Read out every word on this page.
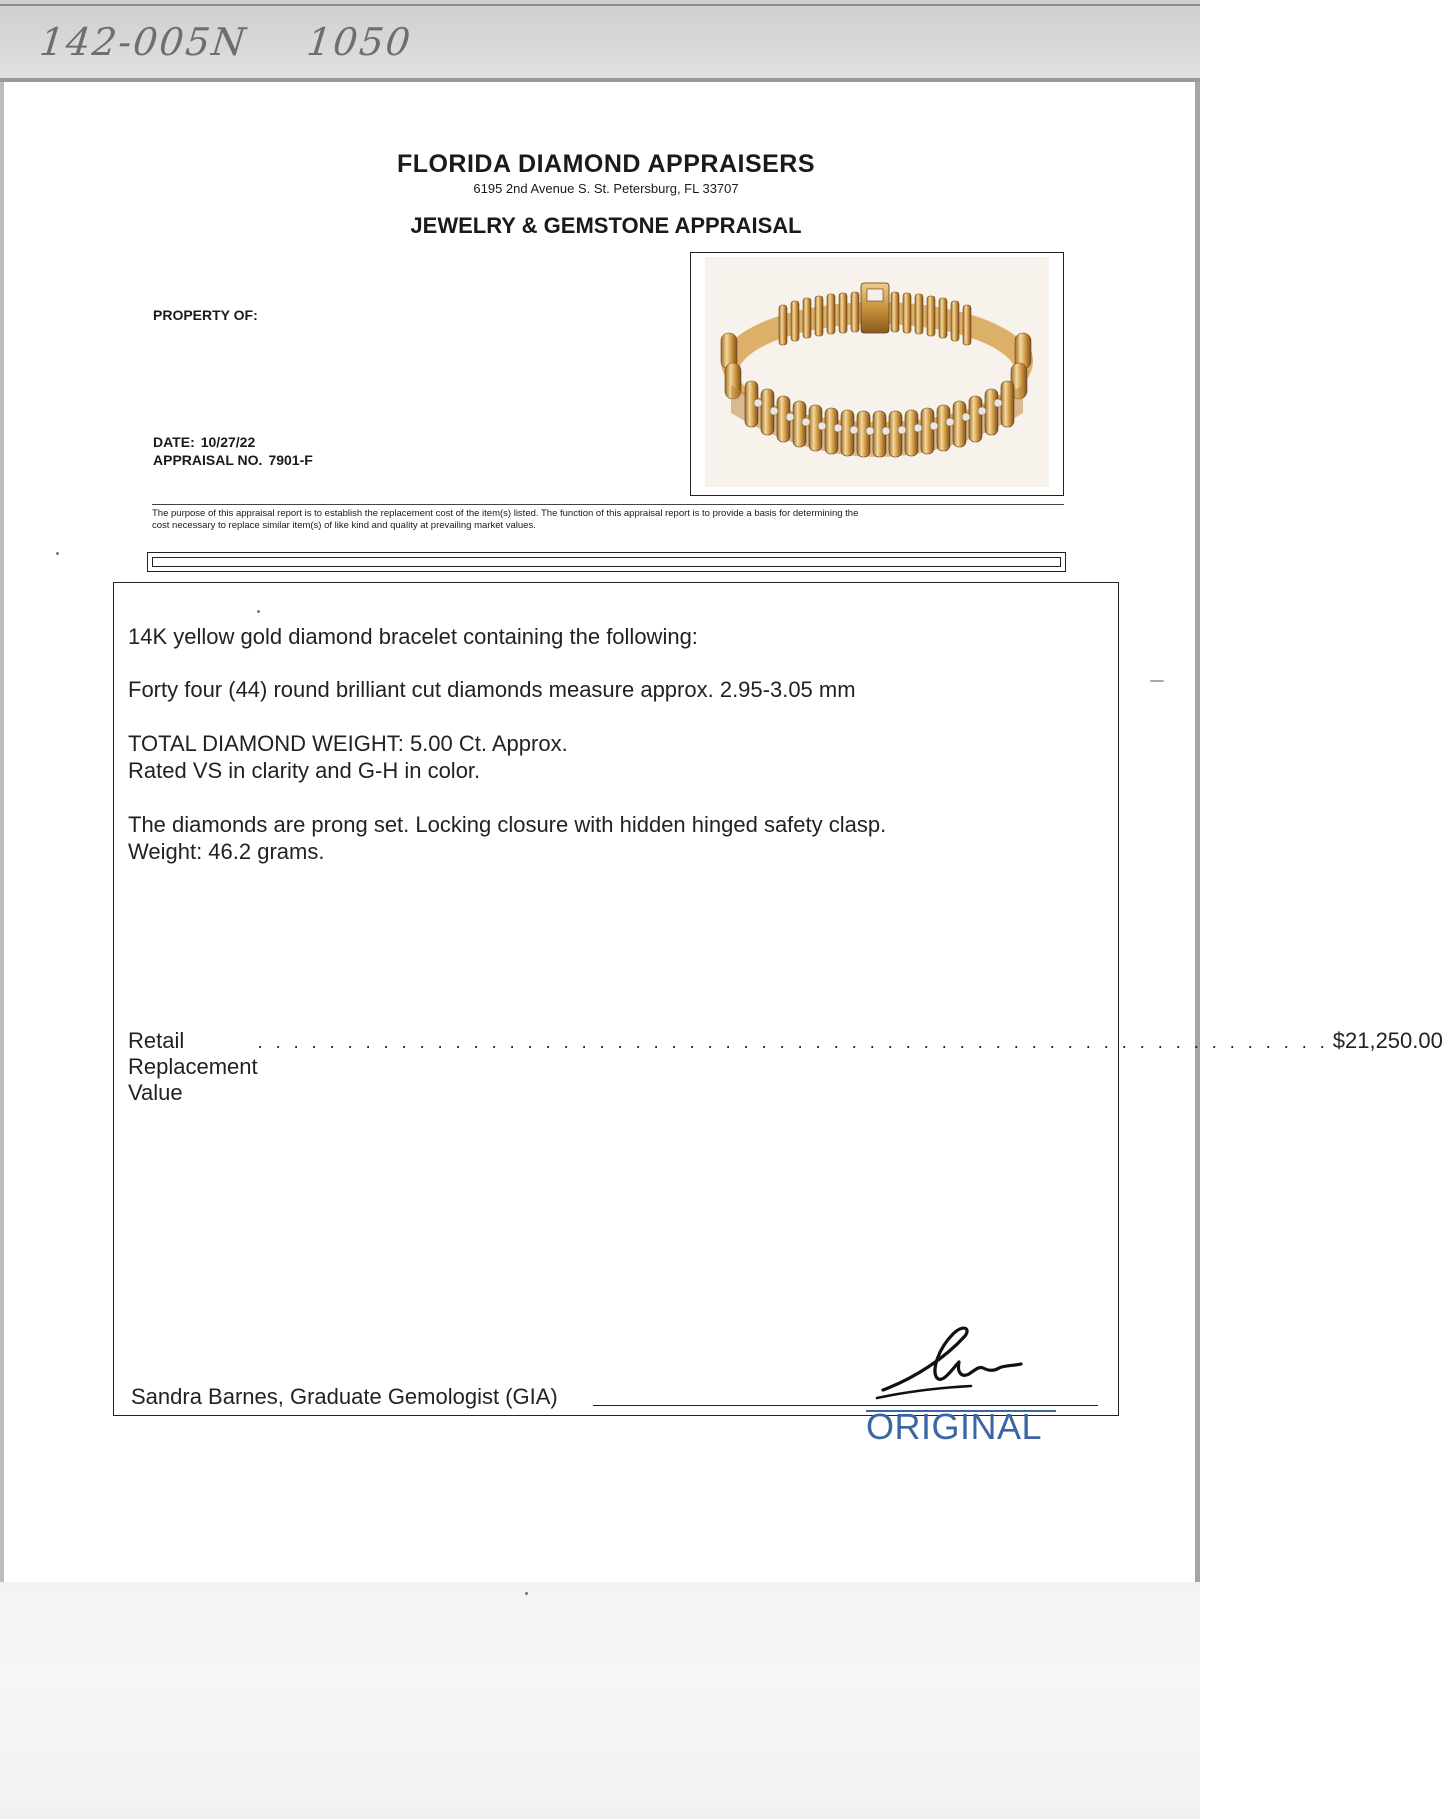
142-005N 1050
FLORIDA DIAMOND APPRAISERS
6195 2nd Avenue S. St. Petersburg, FL 33707
JEWELRY & GEMSTONE APPRAISAL
PROPERTY OF:
DATE: 10/27/22
APPRAISAL NO. 7901-F
The purpose of this appraisal report is to establish the replacement cost of the item(s) listed. The function of this appraisal report is to provide a basis for determining the
cost necessary to replace similar item(s) of like kind and quality at prevailing market values.
14K yellow gold diamond bracelet containing the following:
Forty four (44) round brilliant cut diamonds measure approx. 2.95-3.05 mm
TOTAL DIAMOND WEIGHT: 5.00 Ct. Approx.
Rated VS in clarity and G-H in color.
The diamonds are prong set. Locking closure with hidden hinged safety clasp.
Weight: 46.2 grams.
Retail Replacement Value
. . . . . . . . . . . . . . . . . . . . . . . . . . . . . . . . . . . . . . . . . . . . . . . . . . . . . . . . . . . . $21,250.00
Sandra Barnes, Graduate Gemologist (GIA)
ORIGINAL
